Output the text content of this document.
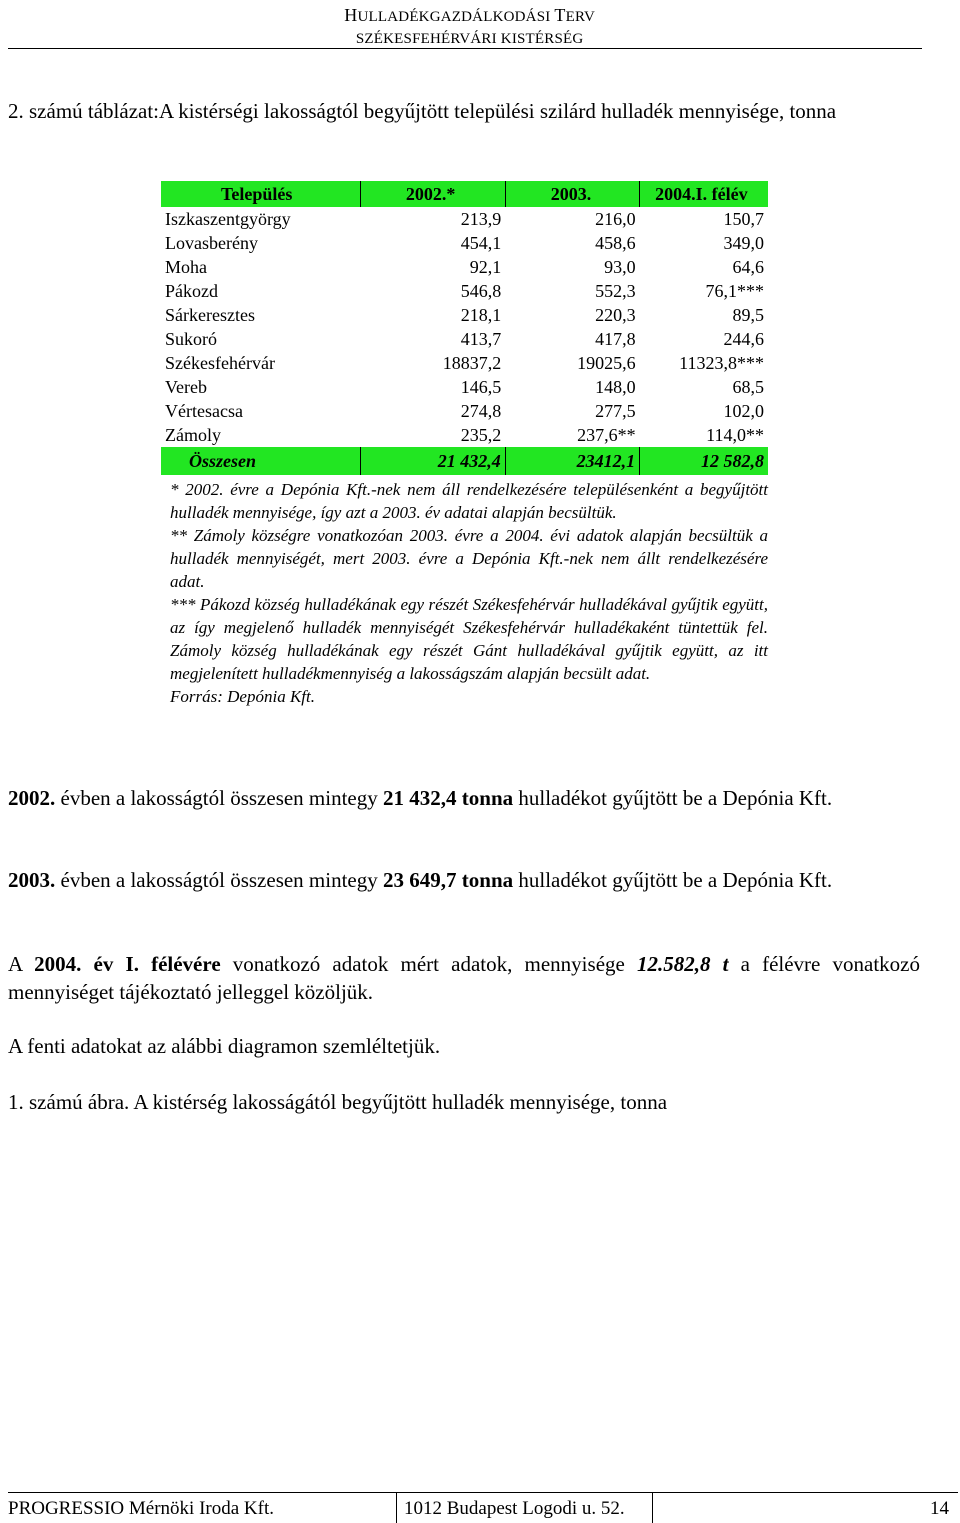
HULLADÉKGAZDÁLKODÁSI TERV
SZÉKESFEHÉRVÁRI KISTÉRSÉG
2. számú táblázat:A kistérségi lakosságtól begyűjtött települési szilárd hulladék mennyisége, tonna
Település	2002.*	2003.	2004.I. félév
Iszkaszentgyörgy	213,9	216,0	150,7
Lovasberény	454,1	458,6	349,0
Moha	92,1	93,0	64,6
Pákozd	546,8	552,3	76,1***
Sárkeresztes	218,1	220,3	89,5
Sukoró	413,7	417,8	244,6
Székesfehérvár	18837,2	19025,6	11323,8***
Vereb	146,5	148,0	68,5
Vértesacsa	274,8	277,5	102,0
Zámoly	235,2	237,6**	114,0**
Összesen	21 432,4	23412,1	12 582,8

* 2002. évre a Depónia Kft.-nek nem áll rendelkezésére településenként a begyűjtött hulladék mennyisége, így azt a 2003. év adatai alapján becsültük.

** Zámoly községre vonatkozóan 2003. évre a 2004. évi adatok alapján becsültük a hulladék mennyiségét, mert 2003. évre a Depónia Kft.-nek nem állt rendelkezésére adat.

*** Pákozd község hulladékának egy részét Székesfehérvár hulladékával gyűjtik együtt, az így megjelenő hulladék mennyiségét Székesfehérvár hulladékaként tüntettük fel. Zámoly község hulladékának egy részét Gánt hulladékával gyűjtik együtt, az itt megjelenített hulladékmennyiség a lakosságszám alapján becsült adat.

Forrás: Depónia Kft.

2002. évben a lakosságtól összesen mintegy 21 432,4 tonna hulladékot gyűjtött be a Depónia Kft.
2003. évben a lakosságtól összesen mintegy 23 649,7 tonna hulladékot gyűjtött be a Depónia Kft.
A 2004. év I. félévére vonatkozó adatok mért adatok, mennyisége 12.582,8 t a félévre vonatkozó mennyiséget tájékoztató jelleggel közöljük.
A fenti adatokat az alábbi diagramon szemléltetjük.
1. számú ábra. A kistérség lakosságától begyűjtött hulladék mennyisége, tonna
PROGRESSIO Mérnöki Iroda Kft.	1012 Budapest Logodi u. 52.	14
